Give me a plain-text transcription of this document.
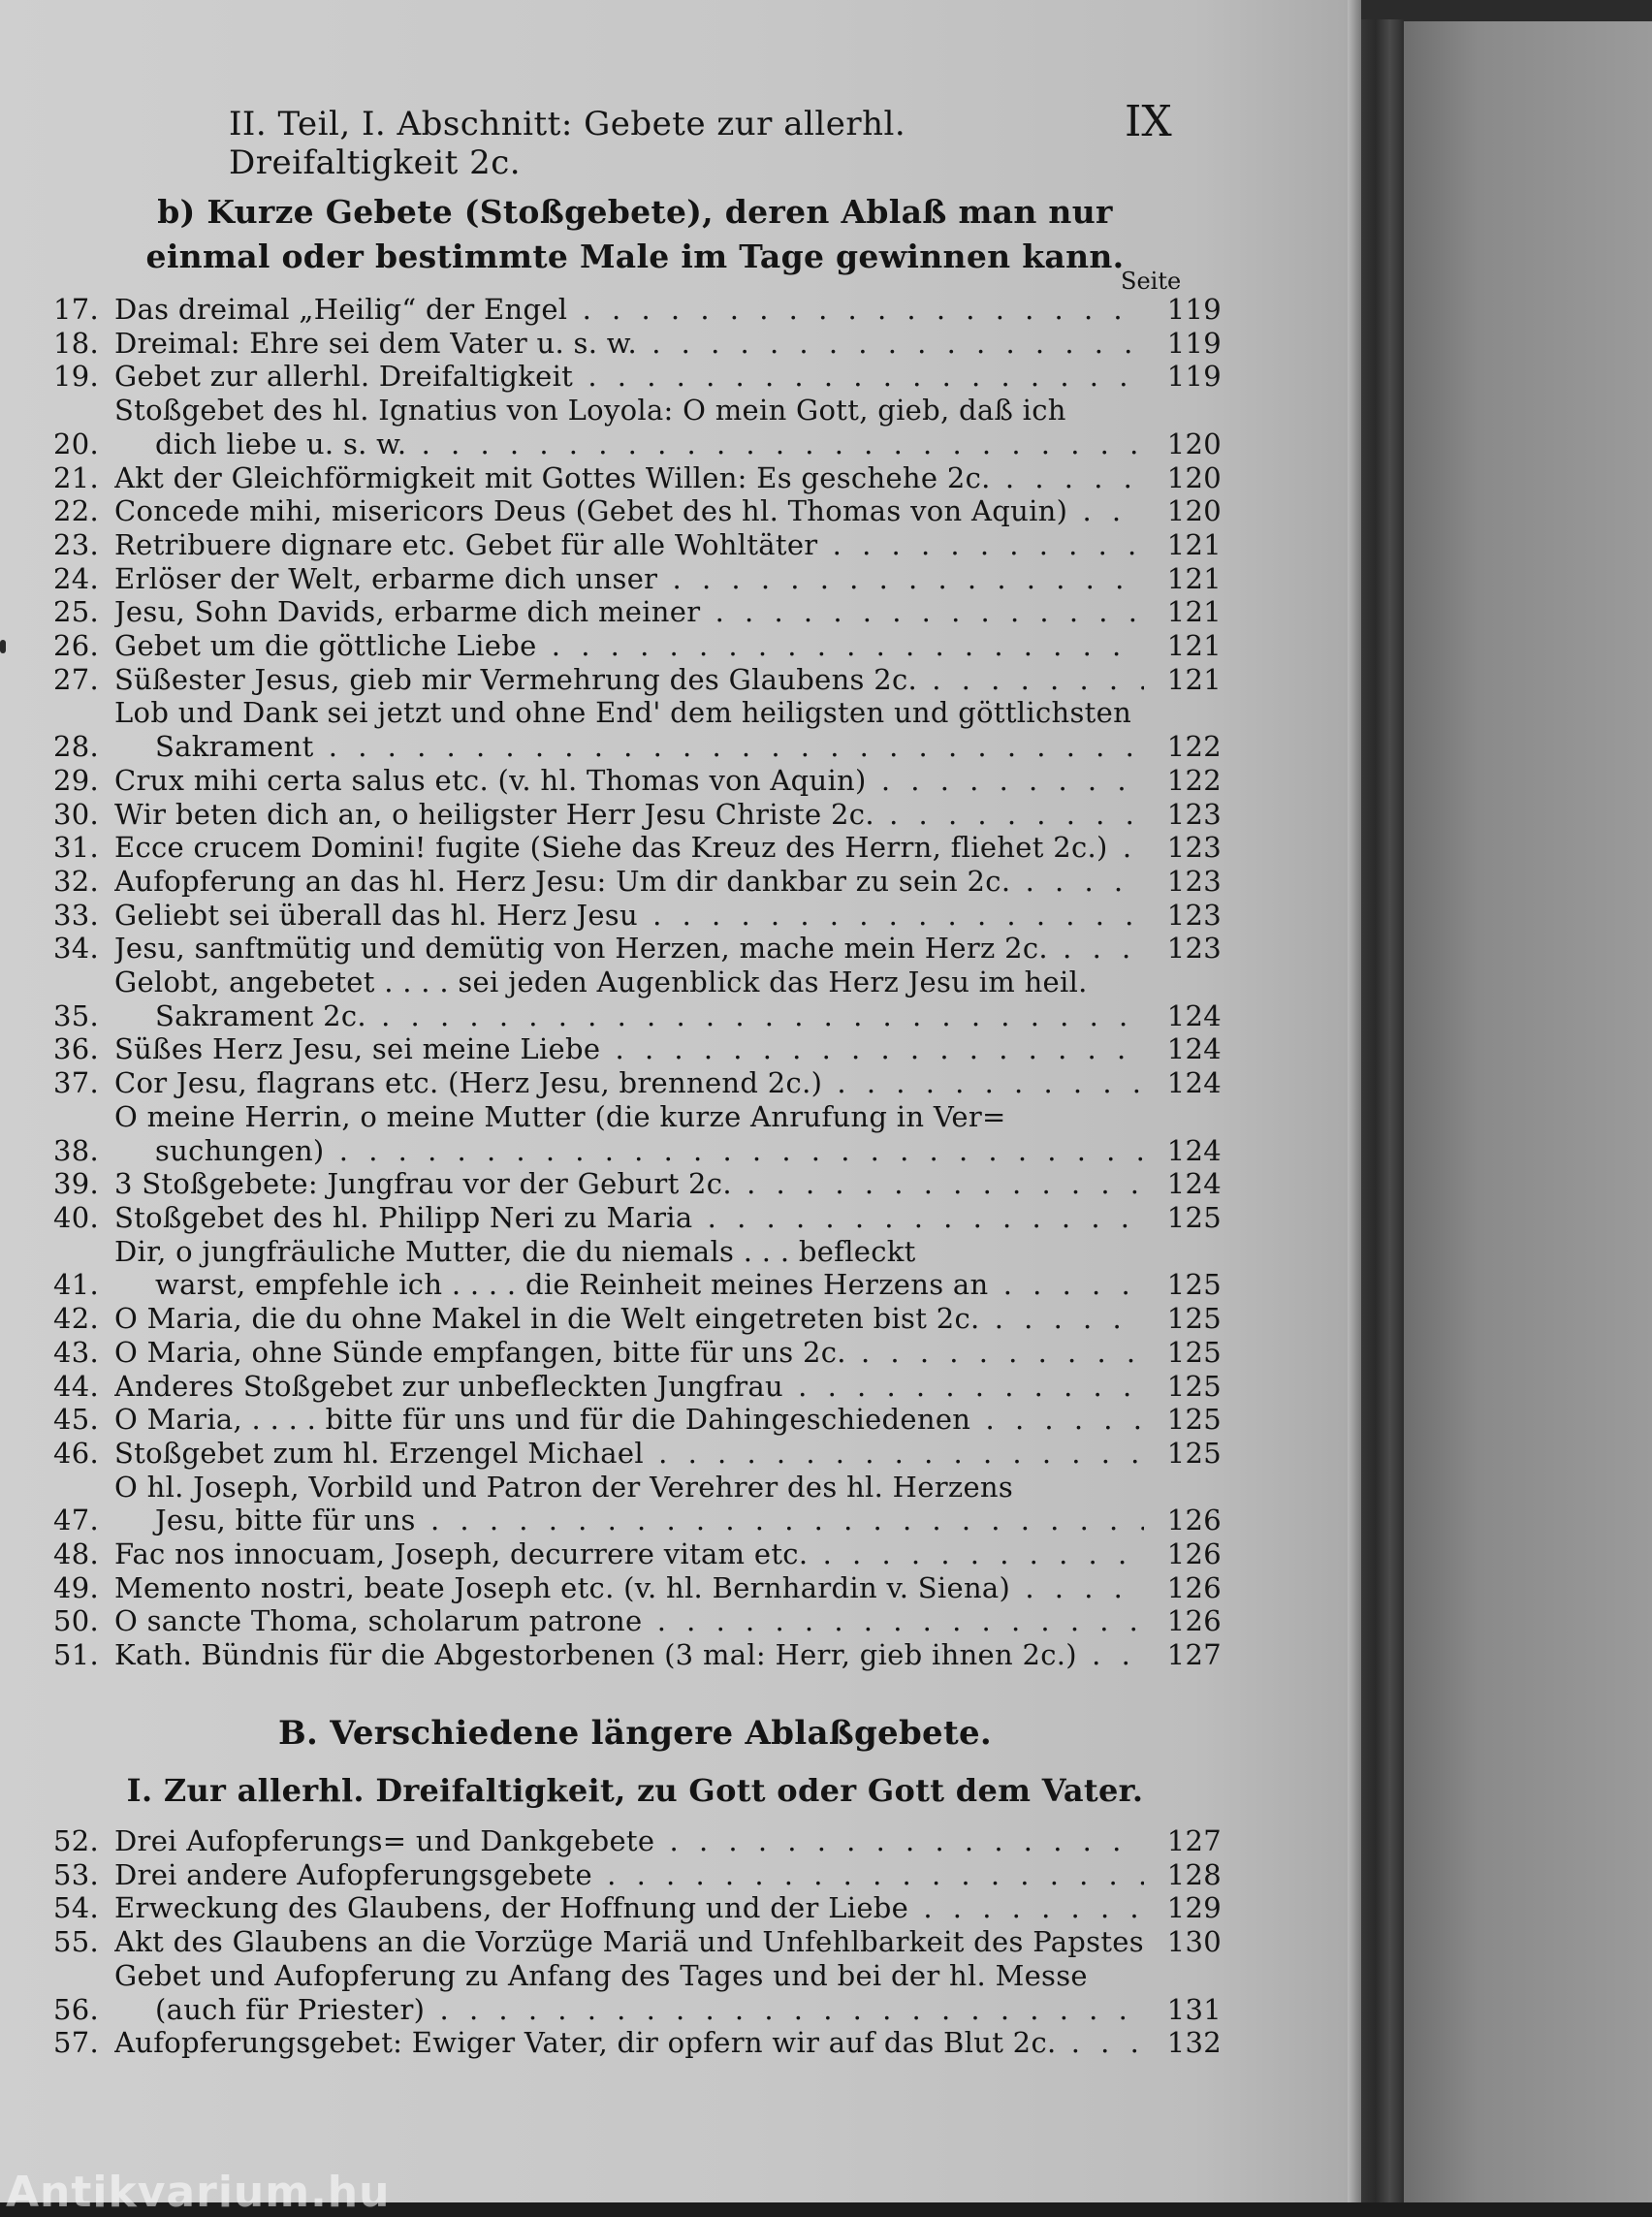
II. Teil, I. Abschnitt: Gebete zur allerhl. Dreifaltigkeit 2c.
IX
b) Kurze Gebete (Stoßgebete), deren Ablaß man nur einmal oder bestimmte Male im Tage gewinnen kann.
Seite
17. Das dreimal „Heilig“ der Engel . . .	119
18. Dreimal: Ehre sei dem Vater u. s. w. . . .	119
19. Gebet zur allerhl. Dreifaltigkeit . . .	119
20.
Stoßgebet des hl. Ignatius von Loyola: O mein Gott, gieb, daß ich
dich liebe u. s. w. . . .	120
21. Akt der Gleichförmigkeit mit Gottes Willen: Es geschehe 2c. . . .	120
22. Concede mihi, misericors Deus (Gebet des hl. Thomas von Aquin) . . .	120
23. Retribuere dignare etc. Gebet für alle Wohltäter . . .	121
24. Erlöser der Welt, erbarme dich unser . . .	121
25. Jesu, Sohn Davids, erbarme dich meiner . . .	121
26. Gebet um die göttliche Liebe . . .	121
27. Süßester Jesus, gieb mir Vermehrung des Glaubens 2c. . . .	121
28.
Lob und Dank sei jetzt und ohne End' dem heiligsten und göttlichsten
Sakrament . . .	122
29. Crux mihi certa salus etc. (v. hl. Thomas von Aquin) . . .	122
30. Wir beten dich an, o heiligster Herr Jesu Christe 2c. . . .	123
31. Ecce crucem Domini! fugite (Siehe das Kreuz des Herrn, fliehet 2c.) . . .	123
32. Aufopferung an das hl. Herz Jesu: Um dir dankbar zu sein 2c. . . .	123
33. Geliebt sei überall das hl. Herz Jesu . . .	123
34. Jesu, sanftmütig und demütig von Herzen, mache mein Herz 2c. . . .	123
35.
Gelobt, angebetet . . . . sei jeden Augenblick das Herz Jesu im heil.
Sakrament 2c. . . .	124
36. Süßes Herz Jesu, sei meine Liebe . . .	124
37. Cor Jesu, flagrans etc. (Herz Jesu, brennend 2c.) . . .	124
38.
O meine Herrin, o meine Mutter (die kurze Anrufung in Ver=
suchungen) . . .	124
39. 3 Stoßgebete: Jungfrau vor der Geburt 2c. . . .	124
40. Stoßgebet des hl. Philipp Neri zu Maria . . .	125
41.
Dir, o jungfräuliche Mutter, die du niemals . . . befleckt
warst, empfehle ich . . . . die Reinheit meines Herzens an . . .	125
42. O Maria, die du ohne Makel in die Welt eingetreten bist 2c. . . .	125
43. O Maria, ohne Sünde empfangen, bitte für uns 2c. . . .	125
44. Anderes Stoßgebet zur unbefleckten Jungfrau . . .	125
45. O Maria, . . . . bitte für uns und für die Dahingeschiedenen . . .	125
46. Stoßgebet zum hl. Erzengel Michael . . .	125
47.
O hl. Joseph, Vorbild und Patron der Verehrer des hl. Herzens
Jesu, bitte für uns . . .	126
48. Fac nos innocuam, Joseph, decurrere vitam etc. . . .	126
49. Memento nostri, beate Joseph etc. (v. hl. Bernhardin v. Siena) . . .	126
50. O sancte Thoma, scholarum patrone . . .	126
51. Kath. Bündnis für die Abgestorbenen (3 mal: Herr, gieb ihnen 2c.) . . .	127
B. Verschiedene längere Ablaßgebete.
I. Zur allerhl. Dreifaltigkeit, zu Gott oder Gott dem Vater.
52. Drei Aufopferungs= und Dankgebete . . .	127
53. Drei andere Aufopferungsgebete . . .	128
54. Erweckung des Glaubens, der Hoffnung und der Liebe . . .	129
55. Akt des Glaubens an die Vorzüge Mariä und Unfehlbarkeit des Papstes . . . 130
56.
Gebet und Aufopferung zu Anfang des Tages und bei der hl. Messe
(auch für Priester) . . .	131
57. Aufopferungsgebet: Ewiger Vater, dir opfern wir auf das Blut 2c. . . .	132
Antikvarium.hu
